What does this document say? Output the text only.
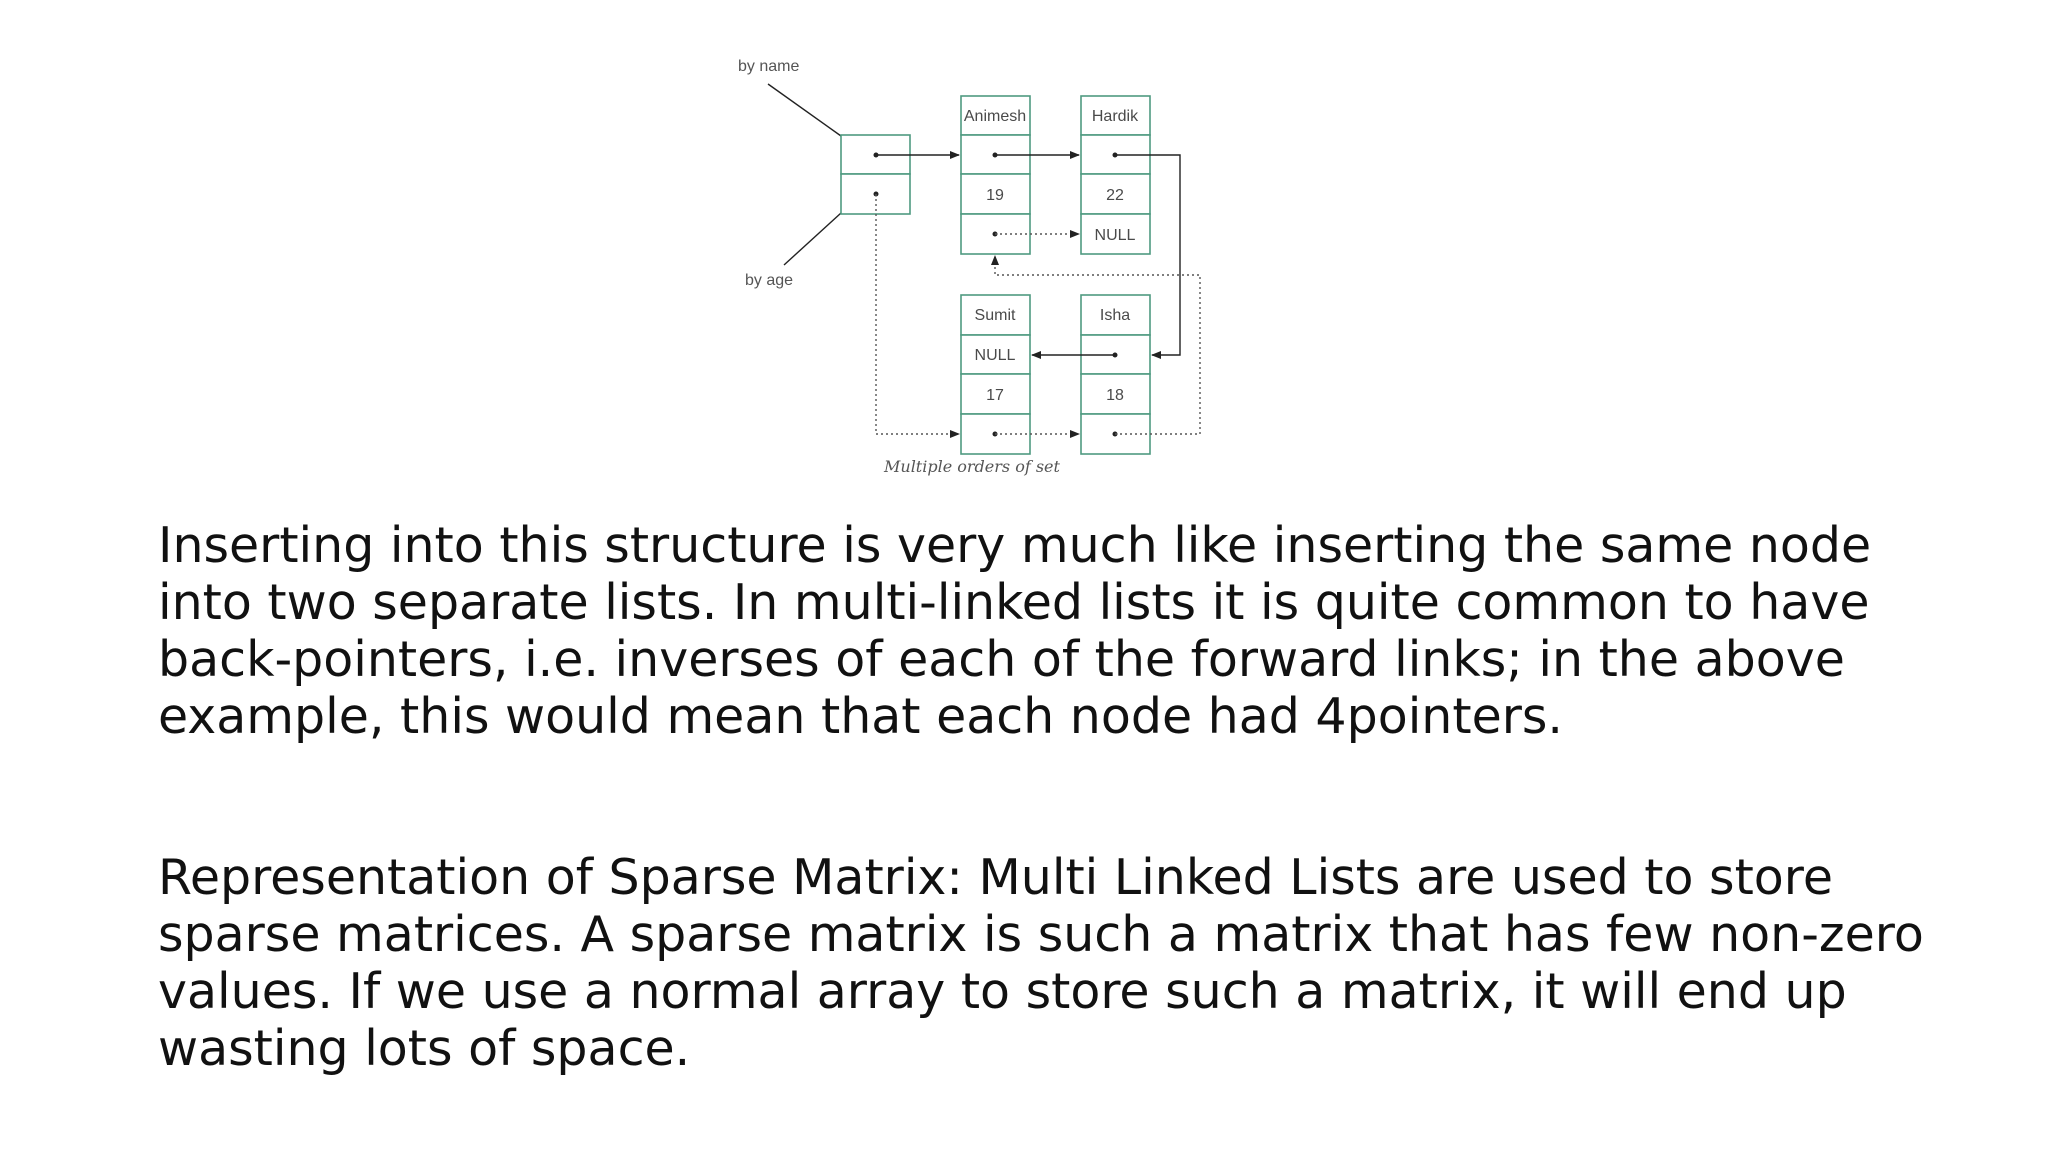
by name
by age
Animesh
19
Hardik
22
NULL
Sumit
NULL
17
Isha
18
Multiple orders of set

Inserting into this structure is very much like inserting the same node into two separate lists. In multi-linked lists it is quite common to have back-pointers, i.e. inverses of each of the forward links; in the above example, this would mean that each node had 4pointers.

Representation of Sparse Matrix: Multi Linked Lists are used to store sparse matrices. A sparse matrix is such a matrix that has few non-zero values. If we use a normal array to store such a matrix, it will end up wasting lots of space.
